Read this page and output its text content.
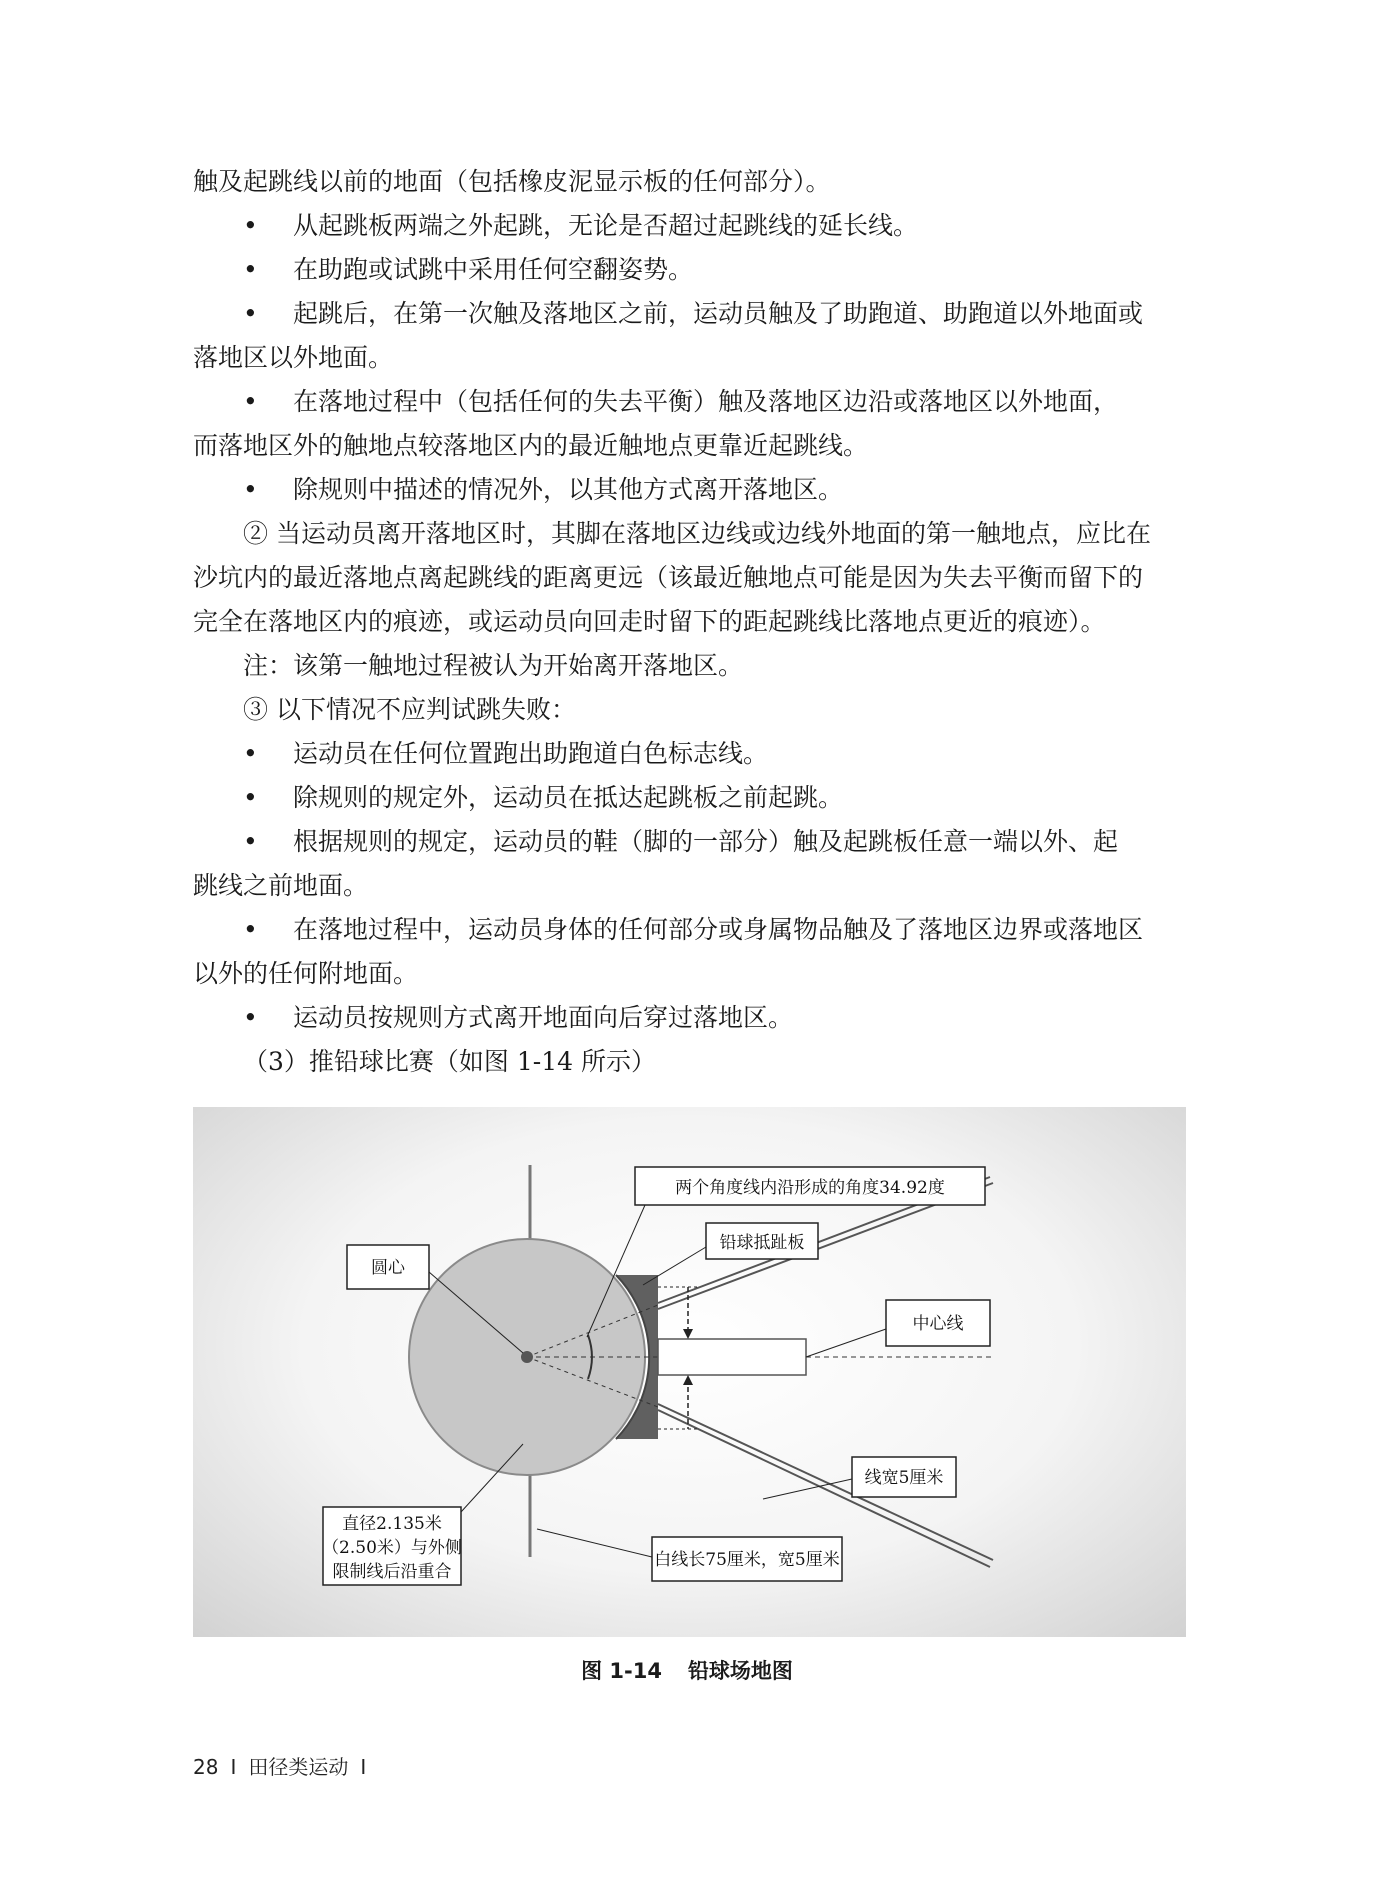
触及起跳线以前的地面（包括橡皮泥显示板的任何部分）。
• 从起跳板两端之外起跳，无论是否超过起跳线的延长线。
• 在助跑或试跳中采用任何空翻姿势。
• 起跳后，在第一次触及落地区之前，运动员触及了助跑道、助跑道以外地面或
落地区以外地面。
• 在落地过程中（包括任何的失去平衡）触及落地区边沿或落地区以外地面，
而落地区外的触地点较落地区内的最近触地点更靠近起跳线。
• 除规则中描述的情况外，以其他方式离开落地区。
② 当运动员离开落地区时，其脚在落地区边线或边线外地面的第一触地点，应比在
沙坑内的最近落地点离起跳线的距离更远（该最近触地点可能是因为失去平衡而留下的
完全在落地区内的痕迹，或运动员向回走时留下的距起跳线比落地点更近的痕迹）。
注：该第一触地过程被认为开始离开落地区。
③ 以下情况不应判试跳失败：
• 运动员在任何位置跑出助跑道白色标志线。
• 除规则的规定外，运动员在抵达起跳板之前起跳。
• 根据规则的规定，运动员的鞋（脚的一部分）触及起跳板任意一端以外、起
跳线之前地面。
• 在落地过程中，运动员身体的任何部分或身属物品触及了落地区边界或落地区
以外的任何附地面。
• 运动员按规则方式离开地面向后穿过落地区。
（3）推铅球比赛（如图 1-14 所示）
两个角度线内沿形成的角度34.92度
铅球抵趾板
圆心
中心线
线宽5厘米
直径2.135米
（2.50米）与外侧
限制线后沿重合
白线长75厘米，宽5厘米
图 1-14 铅球场地图
28 I 田径类运动 I
